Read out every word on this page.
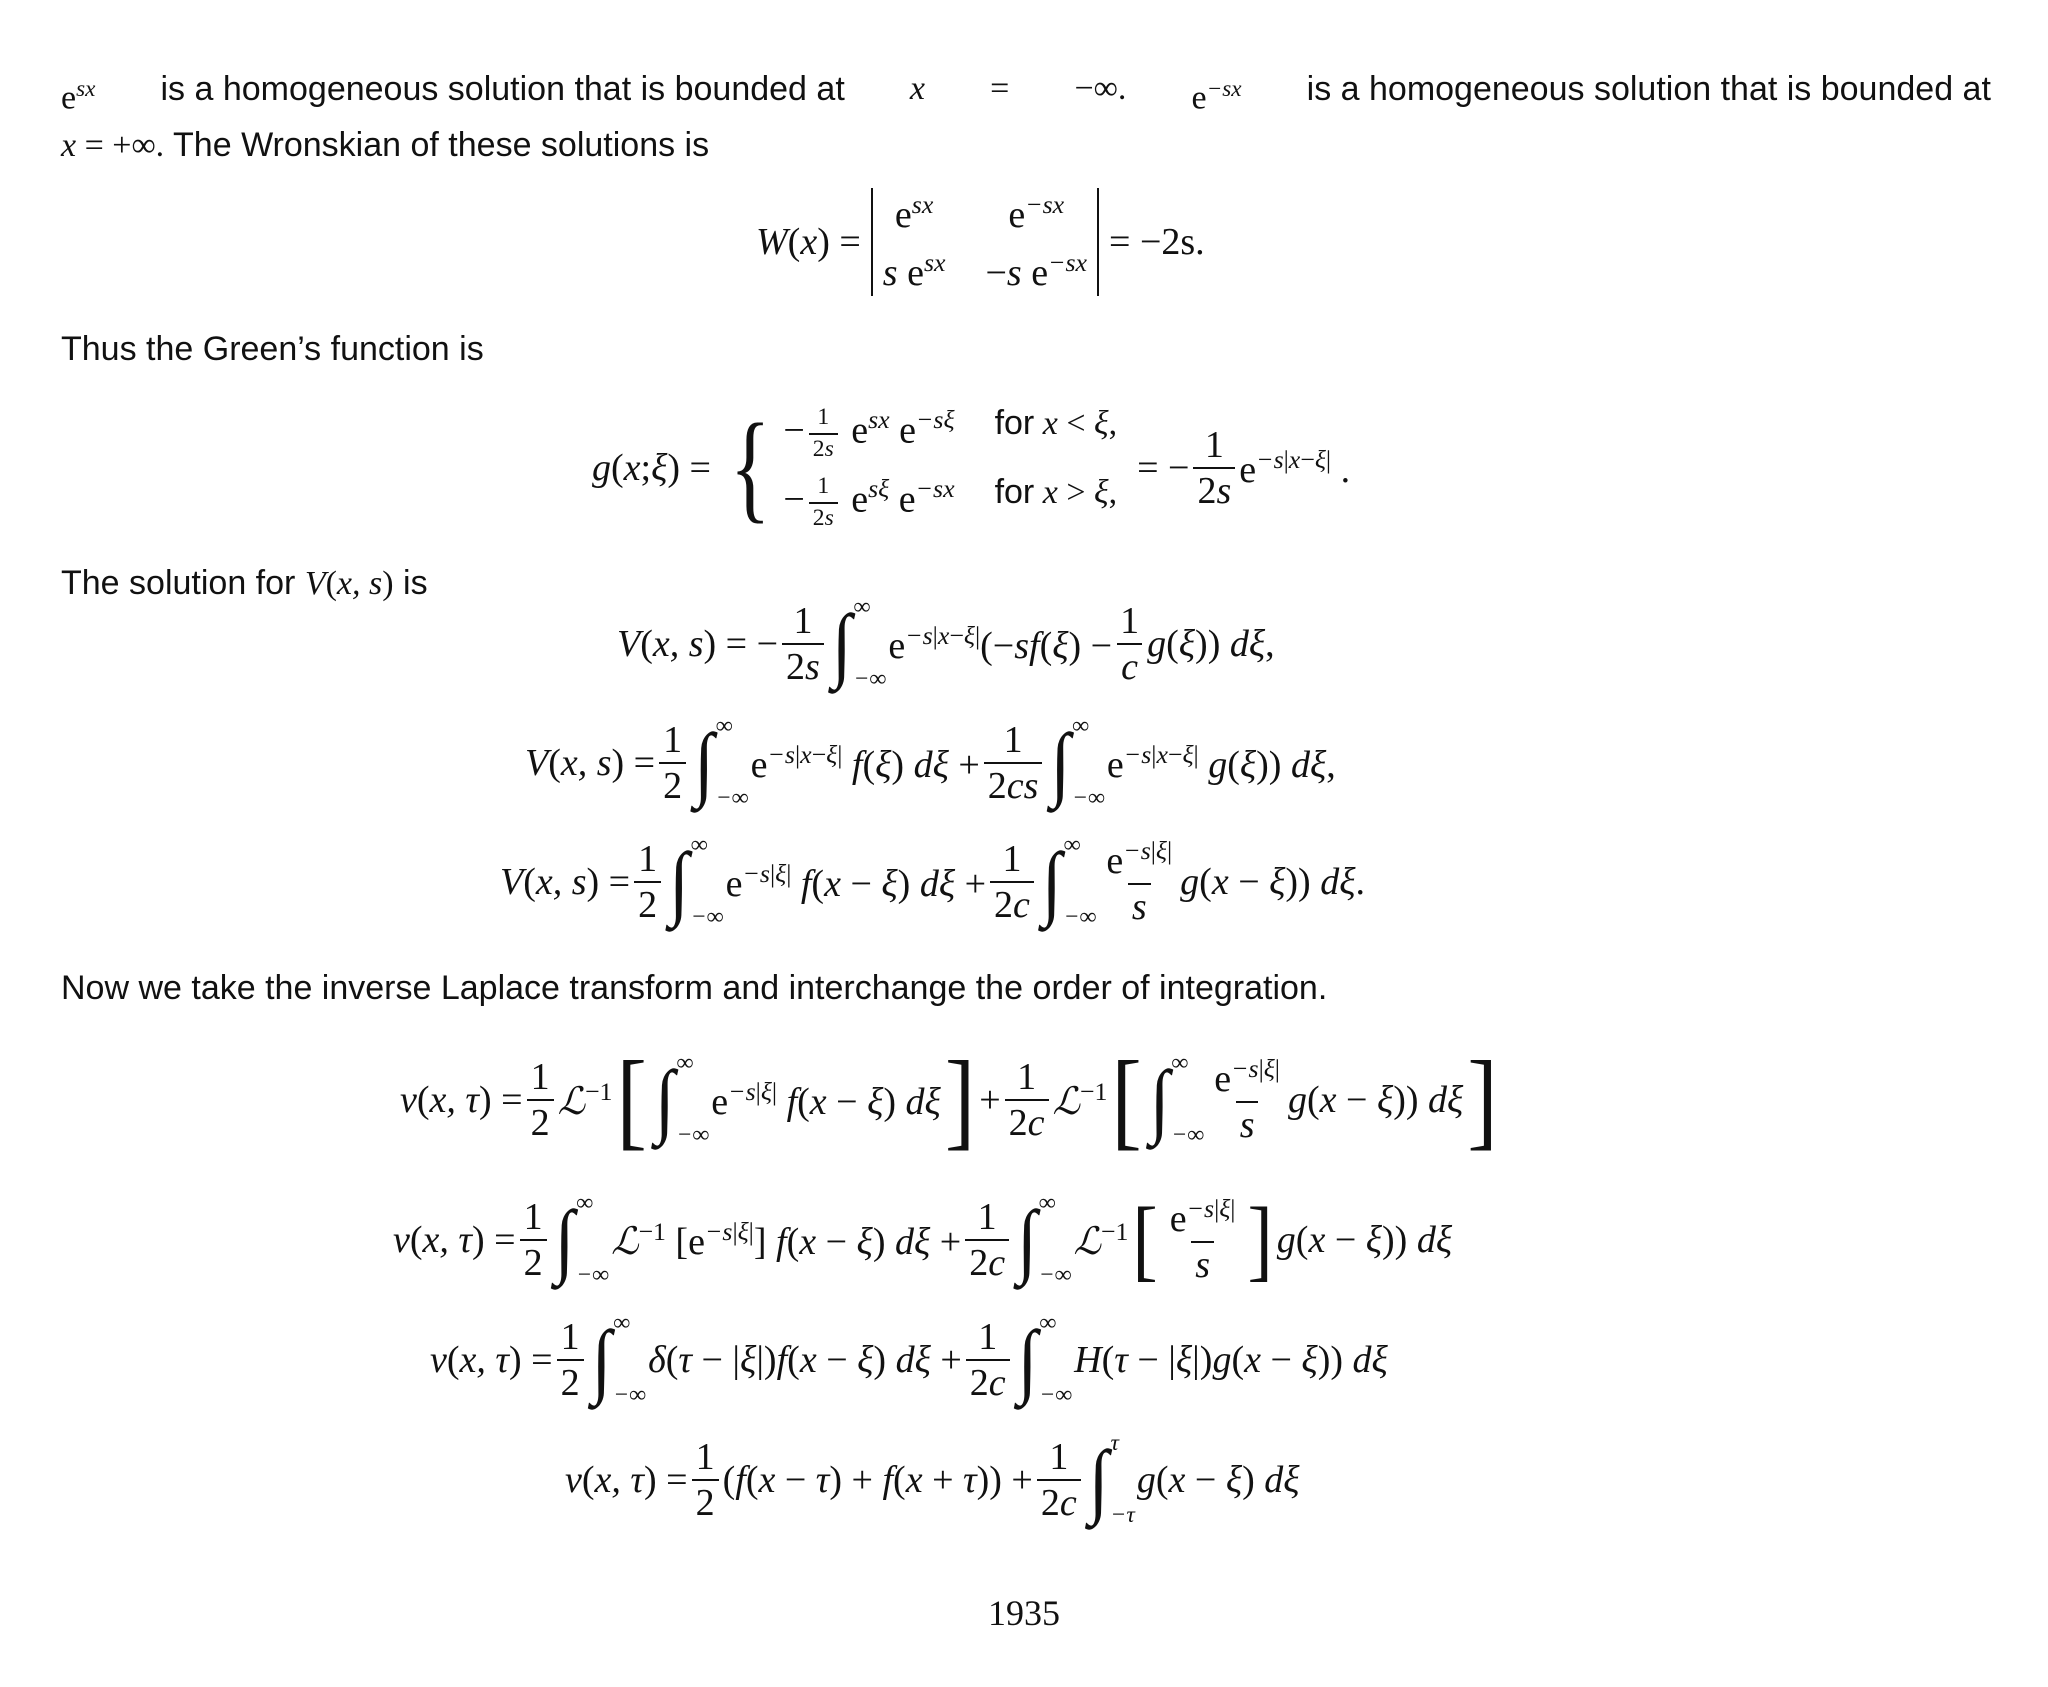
$e^{sx}$ is a homogeneous solution that is bounded at x = −∞. $e^{-sx}$ is a homogeneous solution that is bounded at
x = +∞. The Wronskian of these solutions is
W ( x ) =
$e^{sx}$	$e^{-sx}$
s $e^{sx} -s$ $e^{-sx} = -2s$.
Thus the Green’s function is
g ( x ; ξ ) = { − $\frac{1}{2s} e^{sx}$ $e^{-s\xi}$ for x < ξ,
− $\frac{1}{2s} e^{s\xi}$ $e^{-sx}$ for x > ξ,
= − $\frac{1}{2s} e^{-s|x-\xi|}$ .
The solution for V(x, s) is
V ( x, s ) = − $\frac{1}{2s}$ ∫ ∞
−∞
$e^{-s|x-\xi|}(-sf(\xi) - \frac{1}{c} g(\xi))$ dξ,
V ( x, s ) = $\frac{1}{2}$ ∫ ∞
−∞
$e^{-s|x-\xi|}$ f(ξ) $d\xi + \frac{1}{2cs}$ ∫ ∞
−∞
$e^{-s|x-\xi|}$ g(ξ)) dξ,
V ( x, s ) = $\frac{1}{2}$ ∫ ∞
−∞
$e^{-s|\xi|}$ f(x − ξ) $d\xi + \frac{1}{2c}$ ∫ ∞
−∞ $\frac{e^{-s|\xi|}}{s} g(x - \xi)$) dξ.
Now we take the inverse Laplace transform and interchange the order of integration.
v ( x, τ ) = $\frac{1}{2}$ ℒ$^{-1}$ [ ∫ ∞
−∞
$e^{-s|\xi|}$ f(x − ξ) dξ ] + $\frac{1}{2c}$ ℒ$^{-1}$ [ ∫ ∞
−∞ $\frac{e^{-s|\xi|}}{s} g(x - \xi)$) dξ ]
v ( x, τ ) = $\frac{1}{2}$ ∫ ∞
−∞
ℒ$^{-1}$ $[e^{-s|\xi|}] f(x - \xi) d\xi + \frac{1}{2c}$ ∫ ∞
−∞
ℒ$^{-1}$ [ $\frac{e^{-s|\xi|}}{s}$ ] g(x − ξ)) dξ
v ( x, τ ) = $\frac{1}{2}$ ∫ ∞
−∞
δ(τ − |ξ|)f(x − ξ) $d\xi + \frac{1}{2c}$ ∫ ∞
−∞
H(τ − |ξ|)g(x − ξ)) dξ
v ( x, τ ) = $\frac{1}{2} (f(x - \tau) + f(x + \tau)) + \frac{1}{2c}$ ∫ τ
−τ
g(x − ξ) dξ
1935
